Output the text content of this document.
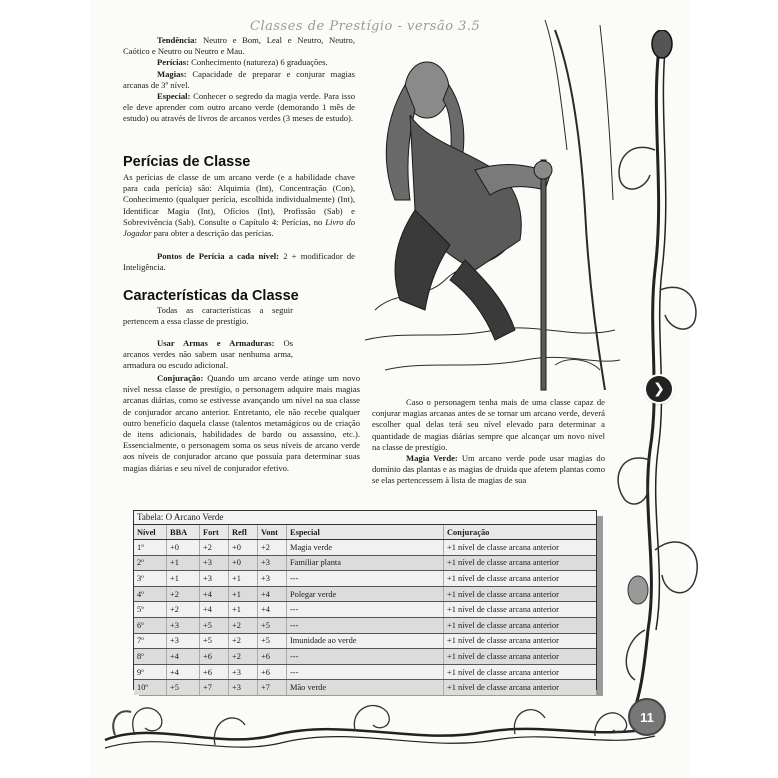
Classes de Prestígio - versão 3.5

Tendência: Neutro e Bom, Leal e Neutro, Neutro, Caótico e Neutro ou Neutro e Mau.

Perícias: Conhecimento (natureza) 6 graduações.

Magias: Capacidade de preparar e conjurar magias arcanas de 3º nível.

Especial: Conhecer o segredo da magia verde. Para isso ele deve aprender com outro arcano verde (demorando 1 mês de estudo) ou através de livros de arcanos verdes (3 meses de estudo).

Perícias de Classe

As perícias de classe de um arcano verde (e a habilidade chave para cada perícia) são: Alquimia (Int), Concentração (Con), Conhecimento (qualquer perícia, escolhida individualmente) (Int), Identificar Magia (Int), Ofícios (Int), Profissão (Sab) e Sobrevivência (Sab). Consulte o Capítulo 4: Perícias, no Livro do Jogador para obter a descrição das perícias.

Pontos de Perícia a cada nível: 2 + modificador de Inteligência.

Características da Classe

Todas as características a seguir pertencem a essa classe de prestígio.

Usar Armas e Armaduras: Os arcanos verdes não sabem usar nenhuma arma, armadura ou escudo adicional.

Conjuração: Quando um arcano verde atinge um novo nível nessa classe de prestígio, o personagem adquire mais magias arcanas diárias, como se estivesse avançando um nível na sua classe de conjurador arcano anterior. Entretanto, ele não recebe qualquer outro benefício daquela classe (talentos metamágicos ou de criação de itens adicionais, habilidades de bardo ou assassino, etc.). Essencialmente, o personagem soma os seus níveis de arcano verde aos níveis de conjurador arcano que possuía para determinar suas magias diárias e seu nível de conjurador efetivo.

Caso o personagem tenha mais de uma classe capaz de conjurar magias arcanas antes de se tornar um arcano verde, deverá escolher qual delas terá seu nível elevado para determinar a quantidade de magias diárias sempre que alcançar um novo nível na classe de prestígio.

Magia Verde: Um arcano verde pode usar magias do domínio das plantas e as magias de druida que afetem plantas como se elas pertencessem à lista de magias de sua

Tabela: O Arcano Verde
Nível	BBA	Fort	Refl	Vont	Especial	Conjuração
1º	+0	+2	+0	+2	Magia verde	+1 nível de classe arcana anterior
2º	+1	+3	+0	+3	Familiar planta	+1 nível de classe arcana anterior
3º	+1	+3	+1	+3	---	+1 nível de classe arcana anterior
4º	+2	+4	+1	+4	Polegar verde	+1 nível de classe arcana anterior
5º	+2	+4	+1	+4	---	+1 nível de classe arcana anterior
6º	+3	+5	+2	+5	---	+1 nível de classe arcana anterior
7º	+3	+5	+2	+5	Imunidade ao verde	+1 nível de classe arcana anterior
8º	+4	+6	+2	+6	---	+1 nível de classe arcana anterior
9º	+4	+6	+3	+6	---	+1 nível de classe arcana anterior
10º	+5	+7	+3	+7	Mão verde	+1 nível de classe arcana anterior
❯
11
